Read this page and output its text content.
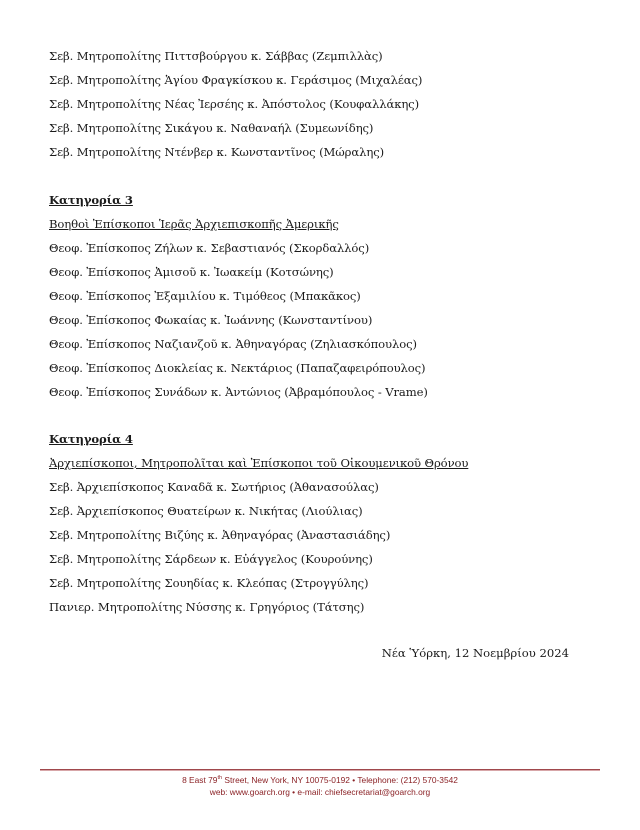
Σεβ. Μητροπολίτης Πιττσβούργου κ. Σάββας (Ζεμπιλλὰς)
Σεβ. Μητροπολίτης Ἁγίου Φραγκίσκου κ. Γεράσιμος (Μιχαλέας)
Σεβ. Μητροπολίτης Νέας Ἰερσέης κ. Ἀπόστολος (Κουφαλλάκης)
Σεβ. Μητροπολίτης Σικάγου κ. Ναθαναήλ (Συμεωνίδης)
Σεβ. Μητροπολίτης Ντένβερ κ. Κωνσταντῖνος (Μώραλης)
Κατηγορία 3
Βοηθοὶ Ἐπίσκοποι Ἱερᾶς Ἀρχιεπισκοπῆς Ἀμερικῆς
Θεοφ. Ἐπίσκοπος Ζήλων κ. Σεβαστιανός (Σκορδαλλός)
Θεοφ. Ἐπίσκοπος Ἀμισοῦ κ. Ἰωακείμ (Κοτσώνης)
Θεοφ. Ἐπίσκοπος Ἐξαμιλίου κ. Τιμόθεος (Μπακᾶκος)
Θεοφ. Ἐπίσκοπος Φωκαίας κ. Ἰωάννης (Κωνσταντίνου)
Θεοφ. Ἐπίσκοπος Ναζιανζοῦ κ. Ἀθηναγόρας (Ζηλιασκόπουλος)
Θεοφ. Ἐπίσκοπος Διοκλείας κ. Νεκτάριος (Παπαζαφειρόπουλος)
Θεοφ. Ἐπίσκοπος Συνάδων κ. Ἀντώνιος (Ἀβραμόπουλος - Vrame)
Κατηγορία 4
Ἀρχιεπίσκοποι, Μητροπολῖται καὶ Ἐπίσκοποι τοῦ Οἰκουμενικοῦ Θρόνου
Σεβ. Ἀρχιεπίσκοπος Καναδᾶ κ. Σωτήριος (Ἀθανασούλας)
Σεβ. Ἀρχιεπίσκοπος Θυατείρων κ. Νικήτας (Λιούλιας)
Σεβ. Μητροπολίτης Βιζύης κ. Ἀθηναγόρας (Ἀναστασιάδης)
Σεβ. Μητροπολίτης Σάρδεων κ. Εὐάγγελος (Κουρούνης)
Σεβ. Μητροπολίτης Σουηδίας κ. Κλεόπας (Στρογγύλης)
Πανιερ. Μητροπολίτης Νύσσης κ. Γρηγόριος (Τάτσης)
Νέα Ὑόρκη, 12 Νοεμβρίου 2024
8 East 79th Street, New York, NY 10075-0192 • Telephone: (212) 570-3542
web: www.goarch.org • e-mail: chiefsecretariat@goarch.org
